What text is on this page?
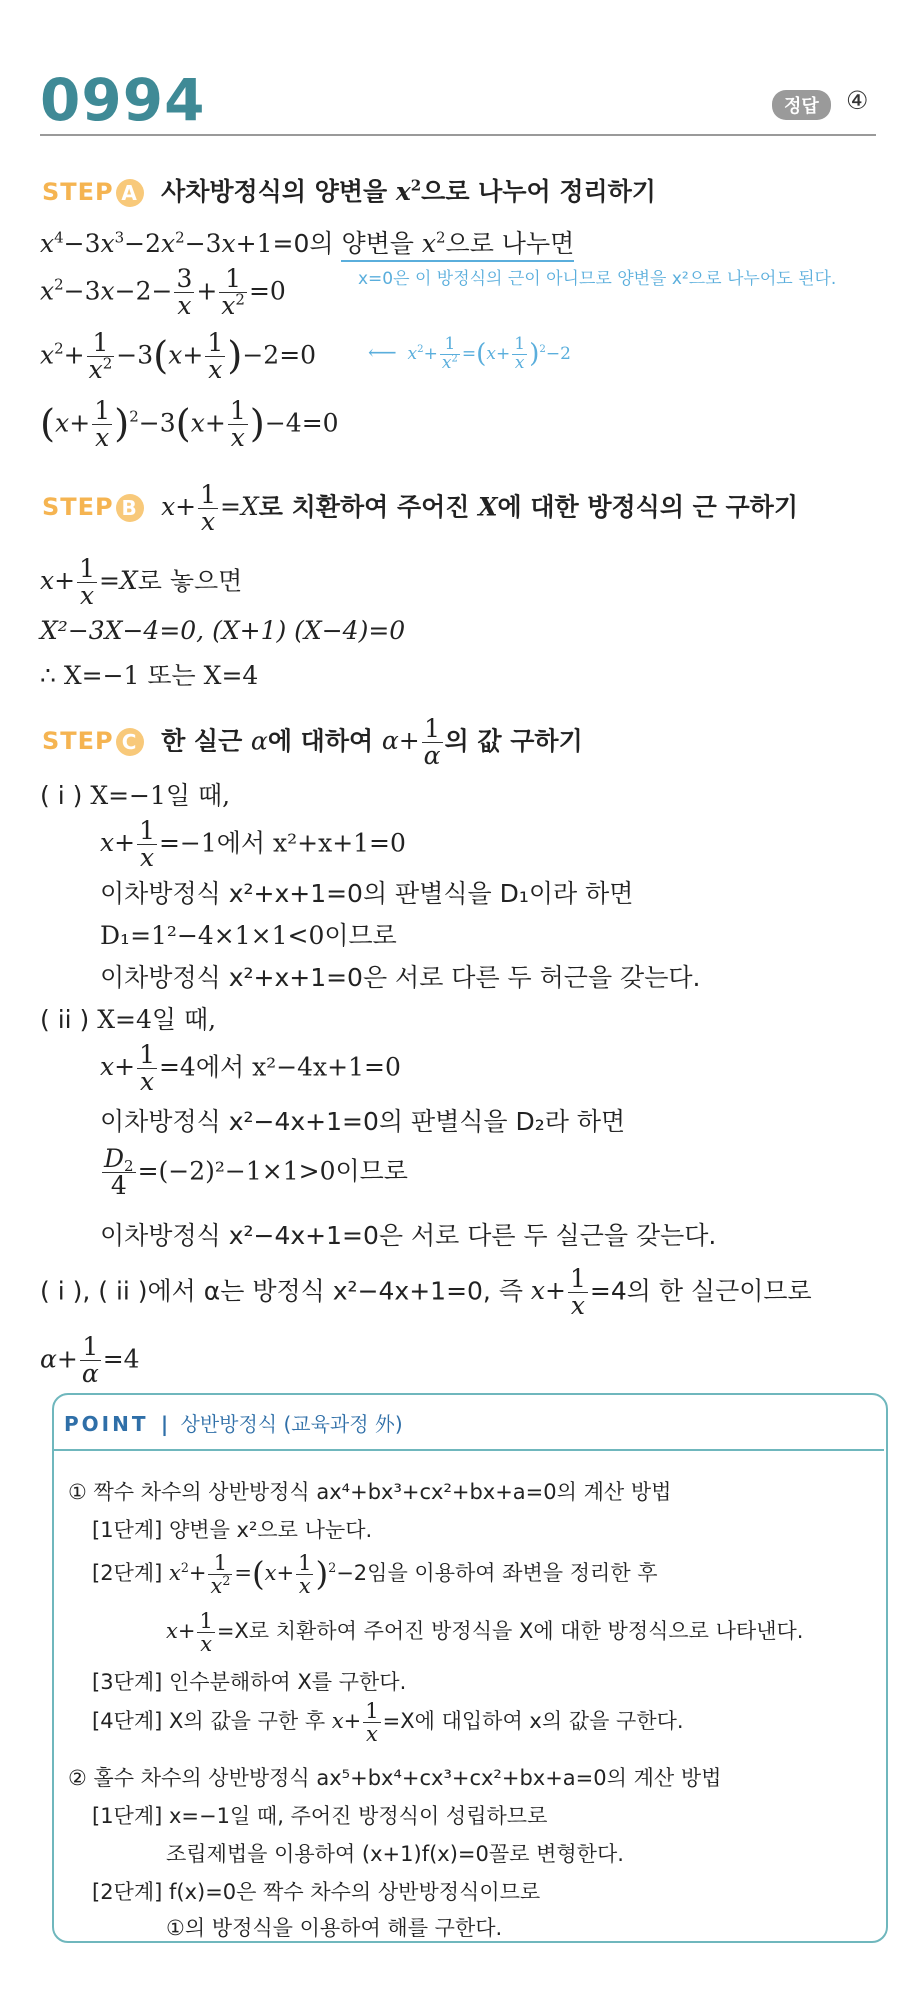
0994	정답	④
STEP A 사차방정식의 양변을 $x^2$으로 나누어 정리하기
$x^4-3x^3-2x^2-3x+1=0$의 양변을 $x^2$으로 나누면
x=0은 이 방정식의 근이 아니므로 양변을 x²으로 나누어도 된다.
$x^2-3x-2- \frac{3}{x} + \frac{1}{x^2} =0$
$x^2+ \frac{1}{x^2} -3(x+ \frac{1}{x} )-2=0$	⟵ $x^2+ \frac{1}{x^2} =(x+ \frac{1}{x} )^2-2$
$(x+ \frac{1}{x} )^2-3(x+ \frac{1}{x} )-4=0$
STEP B $x+ \frac{1}{x} =X$로 치환하여 주어진 X에 대한 방정식의 근 구하기
$x+ \frac{1}{x} =X$로 놓으면
X²−3X−4=0, (X+1) (X−4)=0
∴ X=−1 또는 X=4
STEP C 한 실근 α에 대하여 $\alpha+ \frac{1}{\alpha}$ 의 값 구하기
( i ) X=−1일 때,
$x+ \frac{1}{x} =-1$에서 x²+x+1=0
이차방정식 x²+x+1=0의 판별식을 D₁이라 하면
D₁=1²−4×1×1<0이므로
이차방정식 x²+x+1=0은 서로 다른 두 허근을 갖는다.
( ii ) X=4일 때,
$x+ \frac{1}{x} =4$에서 x²−4x+1=0
이차방정식 x²−4x+1=0의 판별식을 D₂라 하면
$\frac{D_2}{4} =(-2)^2-1\times 1>0$이므로
이차방정식 x²−4x+1=0은 서로 다른 두 실근을 갖는다.
( i ), ( ii )에서 α는 방정식 x²−4x+1=0, 즉 $x+ \frac{1}{x} =4$의 한 실근이므로
$\alpha+ \frac{1}{\alpha} =4$
POINT | 상반방정식 (교육과정 外)
① 짝수 차수의 상반방정식 ax⁴+bx³+cx²+bx+a=0의 계산 방법
[1단계] 양변을 x²으로 나눈다.
[2단계] $x^2+ \frac{1}{x^2} =(x+ \frac{1}{x} )^2-2$임을 이용하여 좌변을 정리한 후
$x+ \frac{1}{x} =X$로 치환하여 주어진 방정식을 X에 대한 방정식으로 나타낸다.
[3단계] 인수분해하여 X를 구한다.
[4단계] X의 값을 구한 후 $x+ \frac{1}{x} =X$에 대입하여 x의 값을 구한다.
② 홀수 차수의 상반방정식 ax⁵+bx⁴+cx³+cx²+bx+a=0의 계산 방법
[1단계] x=−1일 때, 주어진 방정식이 성립하므로
조립제법을 이용하여 (x+1)f(x)=0꼴로 변형한다.
[2단계] f(x)=0은 짝수 차수의 상반방정식이므로
①의 방정식을 이용하여 해를 구한다.
